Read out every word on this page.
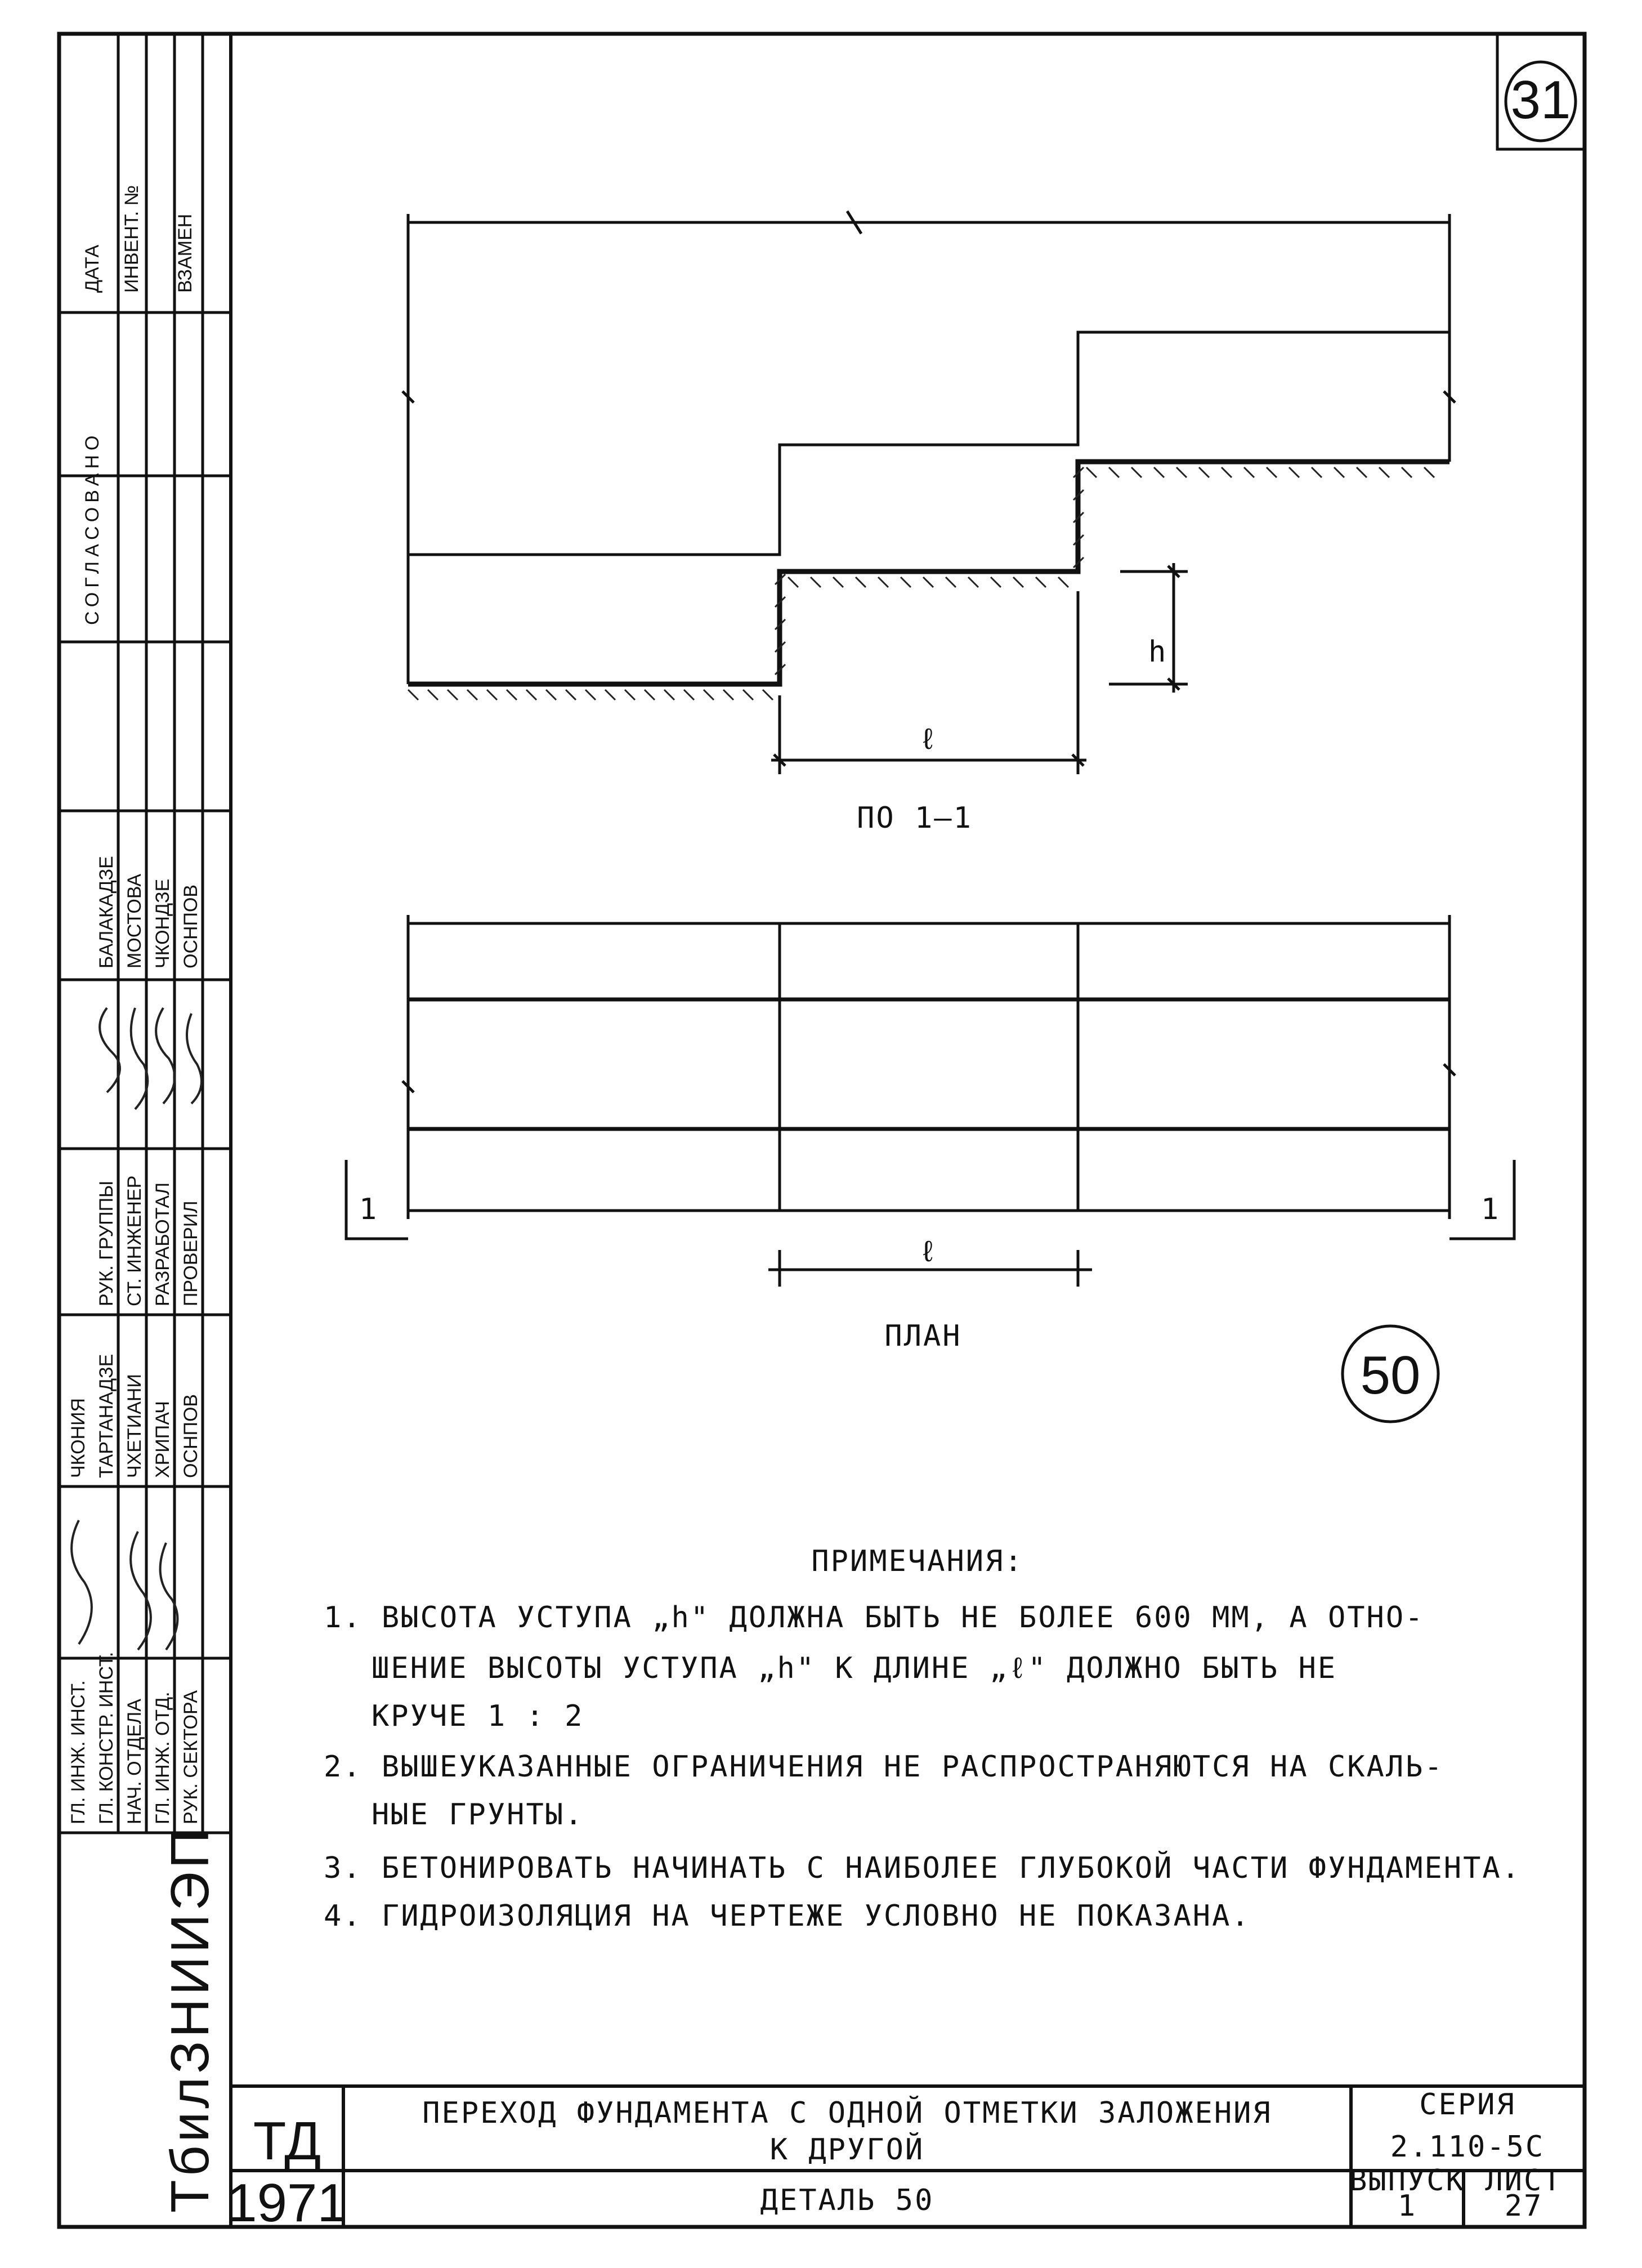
31
h
ℓ
ПО 1—1
1	1
ℓ
ПЛАН
50
ПРИМЕЧАНИЯ:
1. ВЫСОТА УСТУПА „h" ДОЛЖНА БЫТЬ НЕ БОЛЕЕ 600 ММ, А ОТНО-
ШЕНИЕ ВЫСОТЫ УСТУПА „h" К ДЛИНЕ „ℓ" ДОЛЖНО БЫТЬ НЕ
КРУЧЕ 1 : 2
2. ВЫШЕУКАЗАННЫЕ ОГРАНИЧЕНИЯ НЕ РАСПРОСТРАНЯЮТСЯ НА СКАЛЬ-
НЫЕ ГРУНТЫ.
3. БЕТОНИРОВАТЬ НАЧИНАТЬ С НАИБОЛЕЕ ГЛУБОКОЙ ЧАСТИ ФУНДАМЕНТА.
4. ГИДРОИЗОЛЯЦИЯ НА ЧЕРТЕЖЕ УСЛОВНО НЕ ПОКАЗАНА.
ТД
1971
ПЕРЕХОД ФУНДАМЕНТА С ОДНОЙ ОТМЕТКИ ЗАЛОЖЕНИЯ
К ДРУГОЙ
ДЕТАЛЬ 50
СЕРИЯ
2.110-5С
ВЫПУСК
1
ЛИСТ
27
ДАТА ИНВЕНТ. № ВЗАМЕН
СОГЛАСОВАНО
БАЛАКАДЗЕ МОСТОВА ЧКОНДЗЕ ОСНПОВ
РУК. ГРУППЫ СТ. ИНЖЕНЕР РАЗРАБОТАЛ ПРОВЕРИЛ
ЧКОНИЯ ТАРТАНАДЗЕ ЧХЕТИАНИ ХРИПАЧ ОСНПОВ
ГЛ. ИНЖ. ИНСТ. ГЛ. КОНСТР. ИНСТ. НАЧ. ОТДЕЛА ГЛ. ИНЖ. ОТД. РУК. СЕКТОРА
ТбилЗНИИЭП
